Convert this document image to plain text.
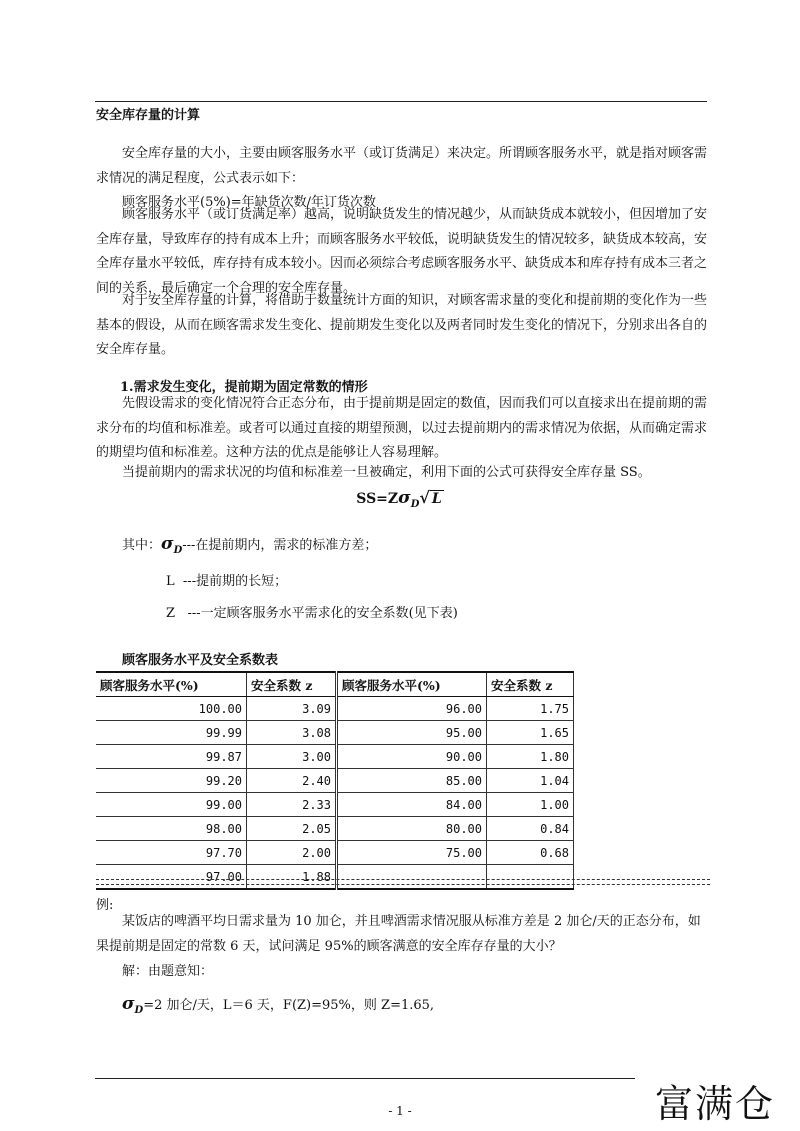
安全库存量的计算
安全库存量的大小，主要由顾客服务水平（或订货满足）来决定。所谓顾客服务水平，就是指对顾客需求情况的满足程度，公式表示如下：
顾客服务水平(5%)=年缺货次数/年订货次数
顾客服务水平（或订货满足率）越高，说明缺货发生的情况越少，从而缺货成本就较小，但因增加了安全库存量，导致库存的持有成本上升；而顾客服务水平较低，说明缺货发生的情况较多，缺货成本较高，安全库存量水平较低，库存持有成本较小。因而必须综合考虑顾客服务水平、缺货成本和库存持有成本三者之间的关系，最后确定一个合理的安全库存量。
对于安全库存量的计算，将借助于数量统计方面的知识，对顾客需求量的变化和提前期的变化作为一些基本的假设，从而在顾客需求发生变化、提前期发生变化以及两者同时发生变化的情况下，分别求出各自的安全库存量。
1.需求发生变化，提前期为固定常数的情形
先假设需求的变化情况符合正态分布，由于提前期是固定的数值，因而我们可以直接求出在提前期的需求分布的均值和标准差。或者可以通过直接的期望预测，以过去提前期内的需求情况为依据，从而确定需求的期望均值和标准差。这种方法的优点是能够让人容易理解。
当提前期内的需求状况的均值和标准差一旦被确定，利用下面的公式可获得安全库存量 SS。
$SS=Z\sigma_D√$ L
其中：$\sigma_D---$在提前期内，需求的标准方差；
L ---提前期的长短；
Z ---一定顾客服务水平需求化的安全系数(见下表)
顾客服务水平及安全系数表
顾客服务水平(%)	安全系数 z	顾客服务水平(%)	安全系数 z
100.00	3.09	96.00	1.75
99.99	3.08	95.00	1.65
99.87	3.00	90.00	1.80
99.20	2.40	85.00	1.04
99.00	2.33	84.00	1.00
98.00	2.05	80.00	0.84
97.70	2.00	75.00	0.68
97.00	1.88		
例:
某饭店的啤酒平均日需求量为 10 加仑，并且啤酒需求情况服从标准方差是 2 加仑/天的正态分布，如果提前期是固定的常数 6 天，试问满足 95%的顾客满意的安全库存存量的大小？
解：由题意知：
$\sigma_D=2$ 加仑/天，L＝6 天，F(Z)=95%，则 Z=1.65,
- 1 -	富满仓
